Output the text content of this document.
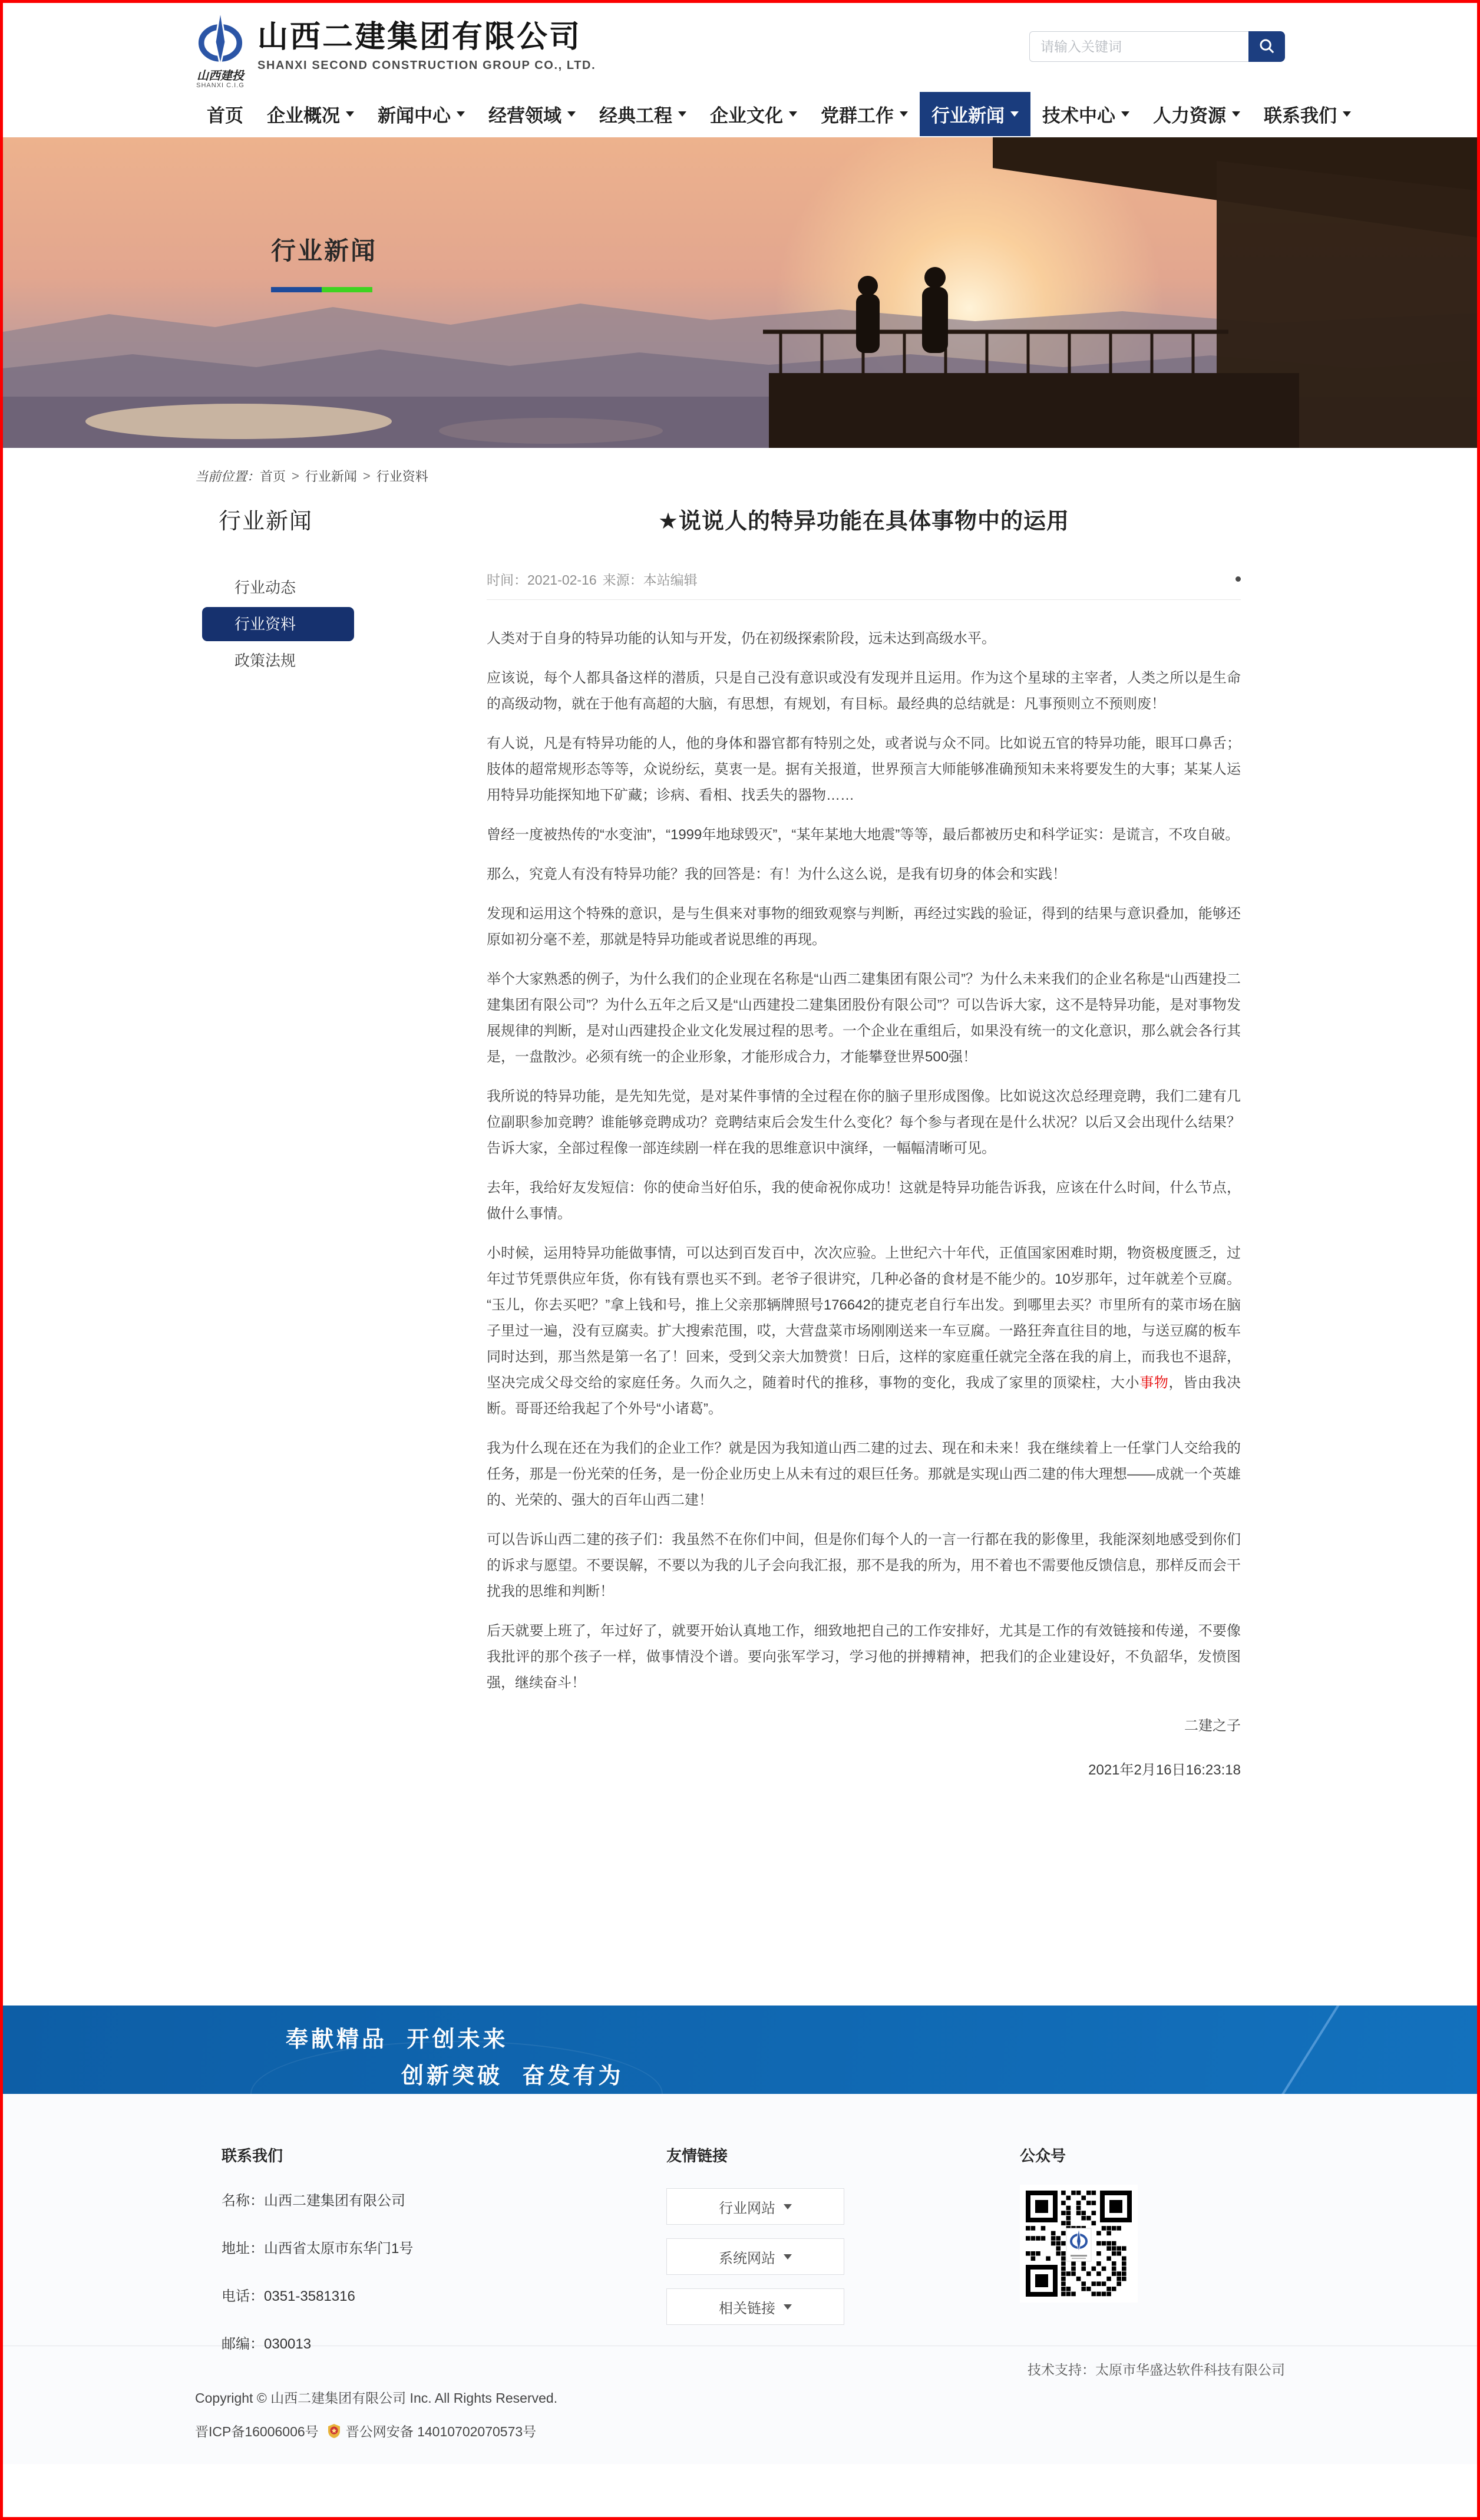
山西建投
SHANXI C.I.G
山西二建集团有限公司
SHANXI SECOND CONSTRUCTION GROUP CO., LTD.
请输入关键词
首页 企业概况 新闻中心 经营领域 经典工程 企业文化 党群工作 行业新闻 技术中心 人力资源 联系我们
行业新闻
当前位置： 首页 > 行业新闻 > 行业资料
行业新闻
行业动态
行业资料
政策法规
★说说人的特异功能在具体事物中的运用
时间：2021-02-16 来源：本站编辑

人类对于自身的特异功能的认知与开发，仍在初级探索阶段，远未达到高级水平。

应该说，每个人都具备这样的潜质，只是自己没有意识或没有发现并且运用。作为这个星球的主宰者，人类之所以是生命的高级动物，就在于他有高超的大脑，有思想，有规划，有目标。最经典的总结就是：凡事预则立不预则废！

有人说，凡是有特异功能的人，他的身体和器官都有特别之处，或者说与众不同。比如说五官的特异功能，眼耳口鼻舌；肢体的超常规形态等等，众说纷纭，莫衷一是。据有关报道，世界预言大师能够准确预知未来将要发生的大事；某某人运用特异功能探知地下矿藏；诊病、看相、找丢失的器物……

曾经一度被热传的“水变油”，“1999年地球毁灭”，“某年某地大地震”等等，最后都被历史和科学证实：是谎言，不攻自破。

那么，究竟人有没有特异功能？我的回答是：有！为什么这么说，是我有切身的体会和实践！

发现和运用这个特殊的意识，是与生俱来对事物的细致观察与判断，再经过实践的验证，得到的结果与意识叠加，能够还原如初分毫不差，那就是特异功能或者说思维的再现。

举个大家熟悉的例子，为什么我们的企业现在名称是“山西二建集团有限公司”？为什么未来我们的企业名称是“山西建投二建集团有限公司”？为什么五年之后又是“山西建投二建集团股份有限公司”？可以告诉大家，这不是特异功能，是对事物发展规律的判断，是对山西建投企业文化发展过程的思考。一个企业在重组后，如果没有统一的文化意识，那么就会各行其是，一盘散沙。必须有统一的企业形象，才能形成合力，才能攀登世界500强！

我所说的特异功能，是先知先觉，是对某件事情的全过程在你的脑子里形成图像。比如说这次总经理竞聘，我们二建有几位副职参加竞聘？谁能够竞聘成功？竞聘结束后会发生什么变化？每个参与者现在是什么状况？以后又会出现什么结果？告诉大家，全部过程像一部连续剧一样在我的思维意识中演绎，一幅幅清晰可见。

去年，我给好友发短信：你的使命当好伯乐，我的使命祝你成功！这就是特异功能告诉我，应该在什么时间，什么节点，做什么事情。

小时候，运用特异功能做事情，可以达到百发百中，次次应验。上世纪六十年代，正值国家困难时期，物资极度匮乏，过年过节凭票供应年货，你有钱有票也买不到。老爷子很讲究，几种必备的食材是不能少的。10岁那年，过年就差个豆腐。“玉儿，你去买吧？”拿上钱和号，推上父亲那辆牌照号176642的捷克老自行车出发。到哪里去买？市里所有的菜市场在脑子里过一遍，没有豆腐卖。扩大搜索范围，哎，大营盘菜市场刚刚送来一车豆腐。一路狂奔直往目的地，与送豆腐的板车同时达到，那当然是第一名了！回来，受到父亲大加赞赏！日后，这样的家庭重任就完全落在我的肩上，而我也不退辞，坚决完成父母交给的家庭任务。久而久之，随着时代的推移，事物的变化，我成了家里的顶梁柱，大小事物，皆由我决断。哥哥还给我起了个外号“小诸葛”。

我为什么现在还在为我们的企业工作？就是因为我知道山西二建的过去、现在和未来！我在继续着上一任掌门人交给我的任务，那是一份光荣的任务，是一份企业历史上从未有过的艰巨任务。那就是实现山西二建的伟大理想——成就一个英雄的、光荣的、强大的百年山西二建！

可以告诉山西二建的孩子们：我虽然不在你们中间，但是你们每个人的一言一行都在我的影像里，我能深刻地感受到你们的诉求与愿望。不要误解，不要以为我的儿子会向我汇报，那不是我的所为，用不着也不需要他反馈信息，那样反而会干扰我的思维和判断！

后天就要上班了，年过好了，就要开始认真地工作，细致地把自己的工作安排好，尤其是工作的有效链接和传递，不要像我批评的那个孩子一样，做事情没个谱。要向张军学习，学习他的拼搏精神，把我们的企业建设好，不负韶华，发愤图强，继续奋斗！

二建之子
2021年2月16日16:23:18
奉献精品 开创未来
创新突破 奋发有为
联系我们
名称：山西二建集团有限公司
地址：山西省太原市东华门1号
电话：0351-3581316
邮编：030013
友情链接
行业网站
系统网站
相关链接
公众号
技术支持：太原市华盛达软件科技有限公司
Copyright © 山西二建集团有限公司 Inc. All Rights Reserved.
晋ICP备16006006号 晋公网安备 14010702070573号
